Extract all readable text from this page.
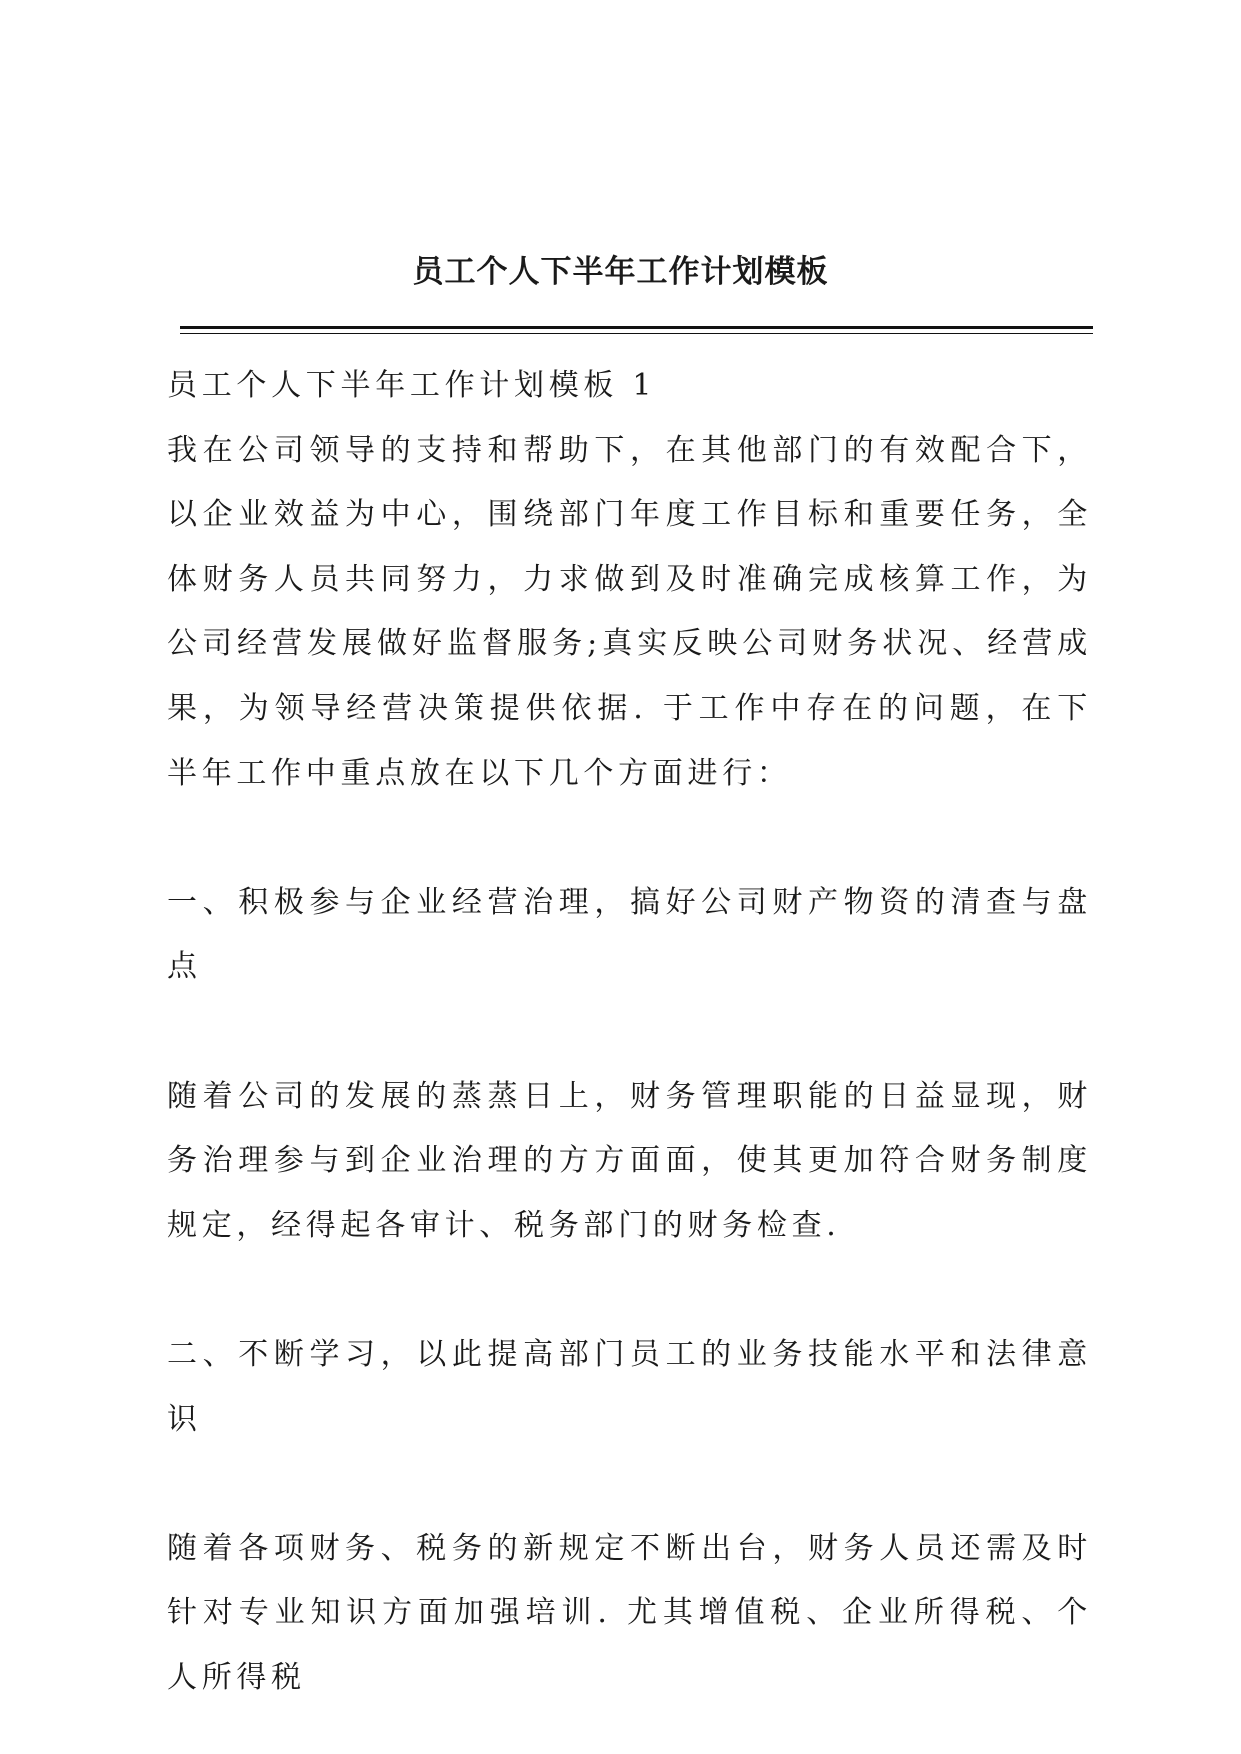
员工个人下半年工作计划模板

员工个人下半年工作计划模板 1

我在公司领导的支持和帮助下，在其他部门的有效配合下，以企业效益为中心，围绕部门年度工作目标和重要任务，全体财务人员共同努力，力求做到及时准确完成核算工作，为公司经营发展做好监督服务;真实反映公司财务状况、经营成果，为领导经营决策提供依据. 于工作中存在的问题，在下半年工作中重点放在以下几个方面进行：

一、积极参与企业经营治理，搞好公司财产物资的清查与盘点

随着公司的发展的蒸蒸日上，财务管理职能的日益显现，财务治理参与到企业治理的方方面面，使其更加符合财务制度规定，经得起各审计、税务部门的财务检查.

二、不断学习，以此提高部门员工的业务技能水平和法律意识

随着各项财务、税务的新规定不断出台，财务人员还需及时针对专业知识方面加强培训. 尤其增值税、企业所得税、个人所得税
